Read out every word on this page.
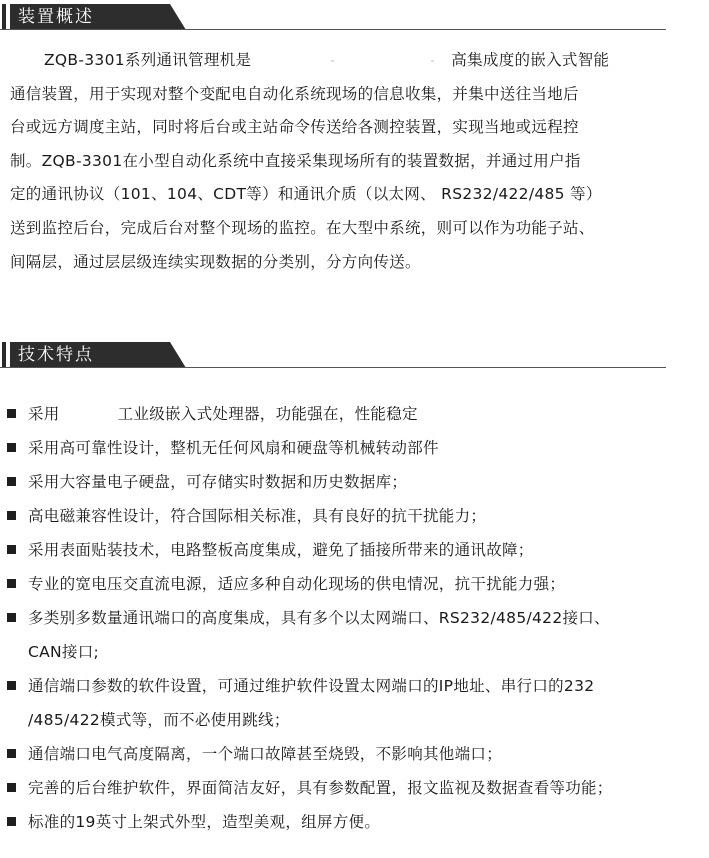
装置概述

ZQB-3301系列通讯管理机是	高集成度的嵌入式智能

通信装置，用于实现对整个变配电自动化系统现场的信息收集，并集中送往当地后

台或远方调度主站，同时将后台或主站命令传送给各测控装置，实现当地或远程控

制。ZQB-3301在小型自动化系统中直接采集现场所有的装置数据，并通过用户指

定的通讯协议（101、104、CDT等）和通讯介质（以太网、 RS232/422/485 等）

送到监控后台，完成后台对整个现场的监控。在大型中系统，则可以作为功能子站、

间隔层，通过层层级连续实现数据的分类别，分方向传送。

技术特点
采用	工业级嵌入式处理器，功能强在，性能稳定
采用高可靠性设计，整机无任何风扇和硬盘等机械转动部件
采用大容量电子硬盘，可存储实时数据和历史数据库；
高电磁兼容性设计，符合国际相关标准，具有良好的抗干扰能力；
采用表面贴装技术，电路整板高度集成，避免了插接所带来的通讯故障；
专业的宽电压交直流电源，适应多种自动化现场的供电情况，抗干扰能力强；
多类别多数量通讯端口的高度集成，具有多个以太网端口、RS232/485/422接口、
CAN接口;
通信端口参数的软件设置，可通过维护软件设置太网端口的IP地址、串行口的232
/485/422模式等，而不必使用跳线；
通信端口电气高度隔离，一个端口故障甚至烧毁，不影响其他端口；
完善的后台维护软件，界面简洁友好，具有参数配置，报文监视及数据查看等功能；
标准的19英寸上架式外型，造型美观，组屏方便。
